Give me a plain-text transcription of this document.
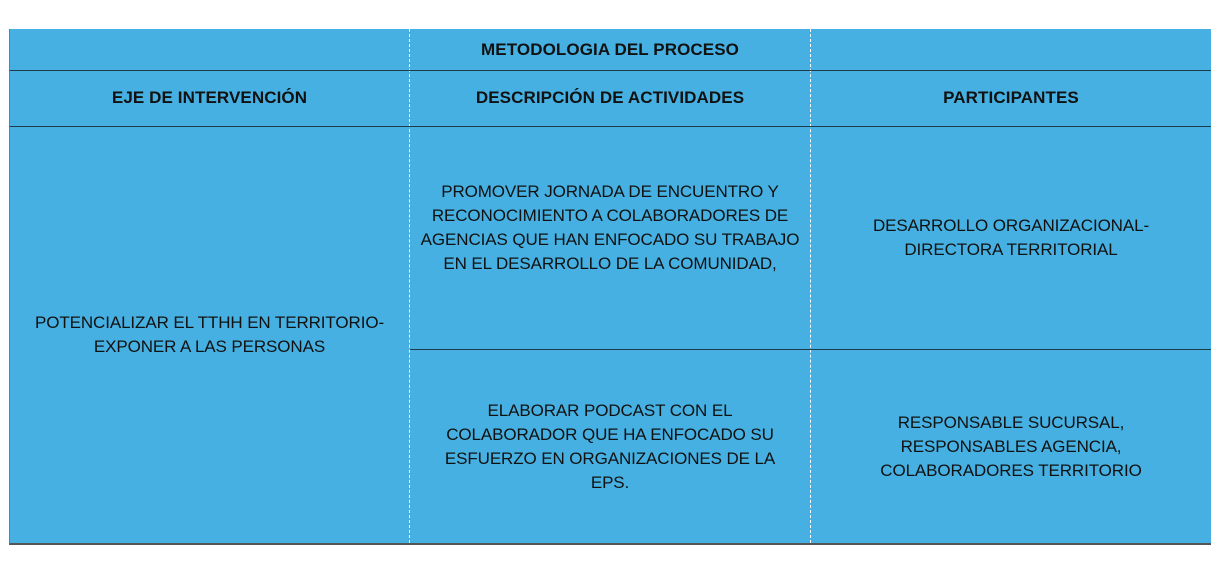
METODOLOGIA DEL PROCESO
EJE DE INTERVENCIÓN	DESCRIPCIÓN DE ACTIVIDADES	PARTICIPANTES
POTENCIALIZAR EL TTHH EN TERRITORIO-EXPONER A LAS PERSONAS
PROMOVER JORNADA DE ENCUENTRO Y RECONOCIMIENTO A COLABORADORES DE AGENCIAS QUE HAN ENFOCADO SU TRABAJO EN EL DESARROLLO DE LA COMUNIDAD,
DESARROLLO ORGANIZACIONAL-DIRECTORA TERRITORIAL
ELABORAR PODCAST CON EL COLABORADOR QUE HA ENFOCADO SU ESFUERZO EN ORGANIZACIONES DE LA EPS.
RESPONSABLE SUCURSAL, RESPONSABLES AGENCIA, COLABORADORES TERRITORIO
